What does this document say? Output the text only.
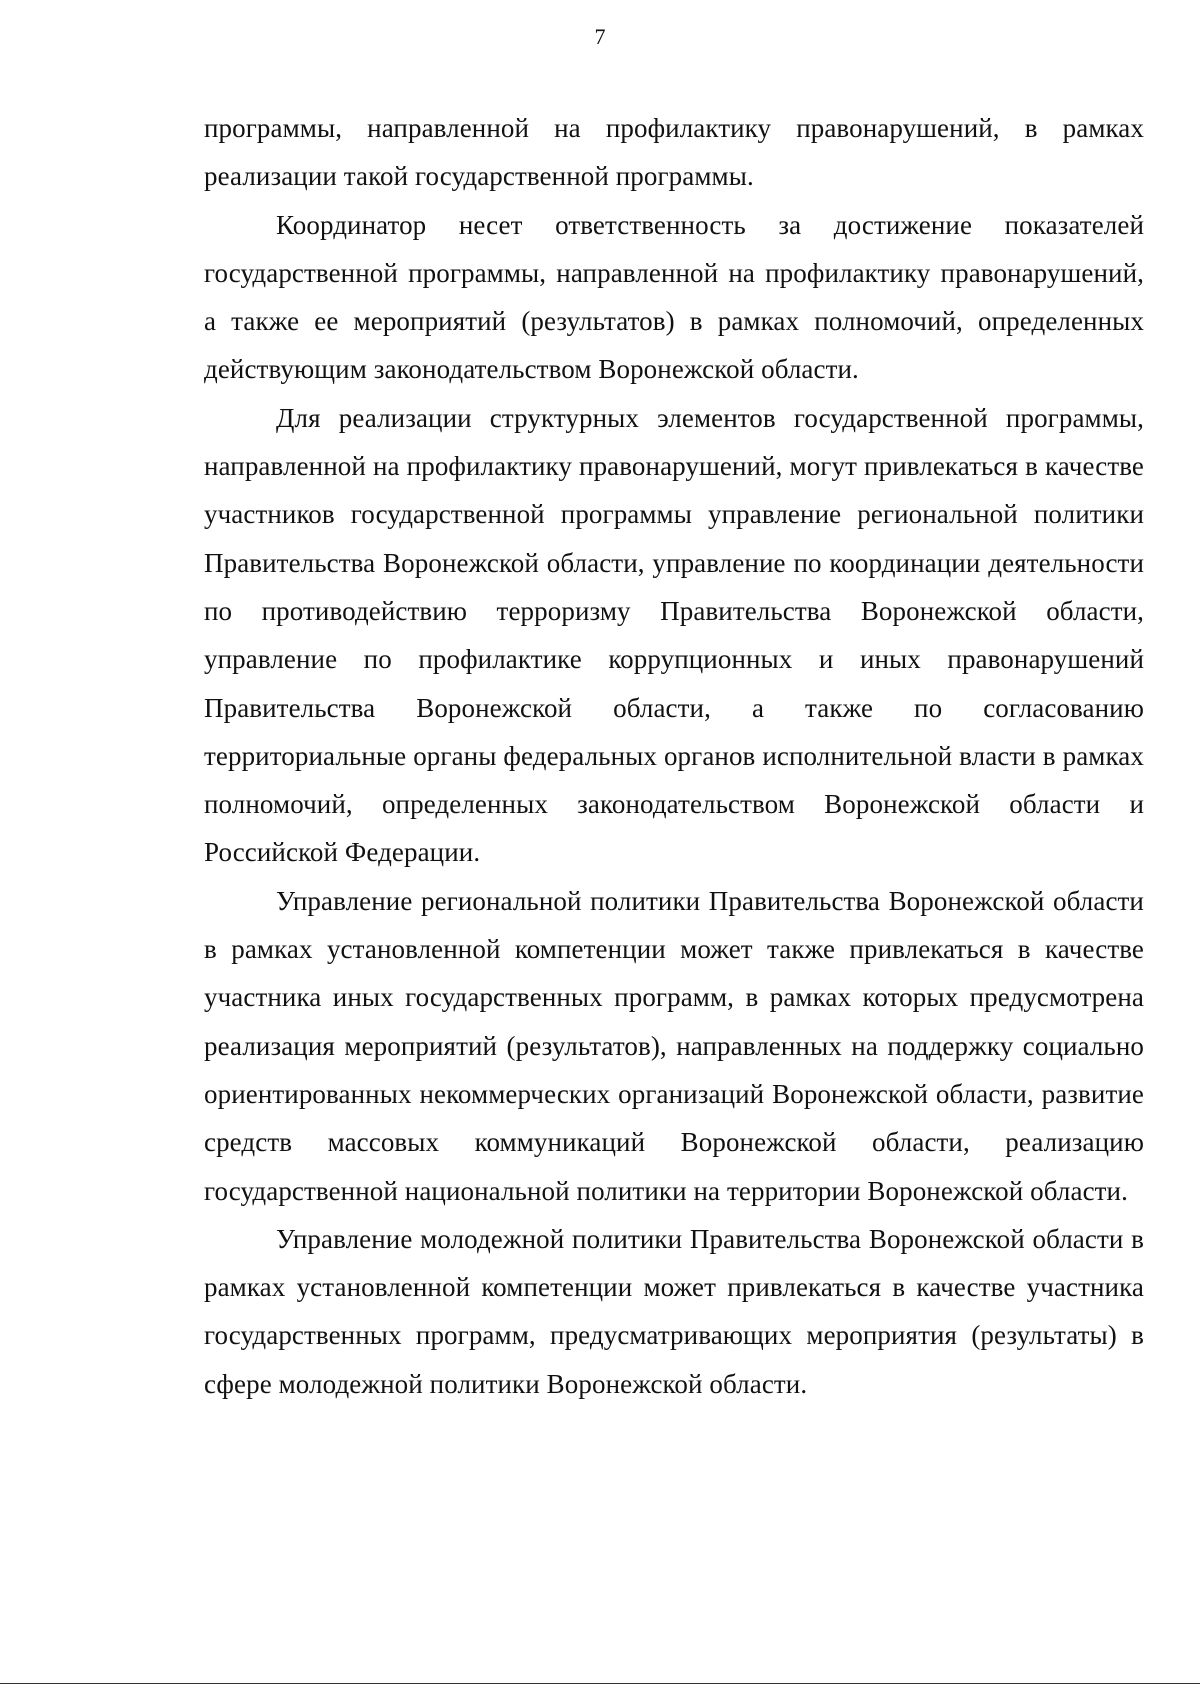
7

программы, направленной на профилактику правонарушений, в рамках реализации такой государственной программы.

Координатор несет ответственность за достижение показателей государственной программы, направленной на профилактику правонарушений, а также ее мероприятий (результатов) в рамках полномочий, определенных действующим законодательством Воронежской области.

Для реализации структурных элементов государственной программы, направленной на профилактику правонарушений, могут привлекаться в качестве участников государственной программы управление региональной политики Правительства Воронежской области, управление по координации деятельности по противодействию терроризму Правительства Воронежской области, управление по профилактике коррупционных и иных правонарушений Правительства Воронежской области, а также по согласованию территориальные органы федеральных органов исполнительной власти в рамках полномочий, определенных законодательством Воронежской области и Российской Федерации.

Управление региональной политики Правительства Воронежской области в рамках установленной компетенции может также привлекаться в качестве участника иных государственных программ, в рамках которых предусмотрена реализация мероприятий (результатов), направленных на поддержку социально ориентированных некоммерческих организаций Воронежской области, развитие средств массовых коммуникаций Воронежской области, реализацию государственной национальной политики на территории Воронежской области.

Управление молодежной политики Правительства Воронежской области в рамках установленной компетенции может привлекаться в качестве участника государственных программ, предусматривающих мероприятия (результаты) в сфере молодежной политики Воронежской области.
